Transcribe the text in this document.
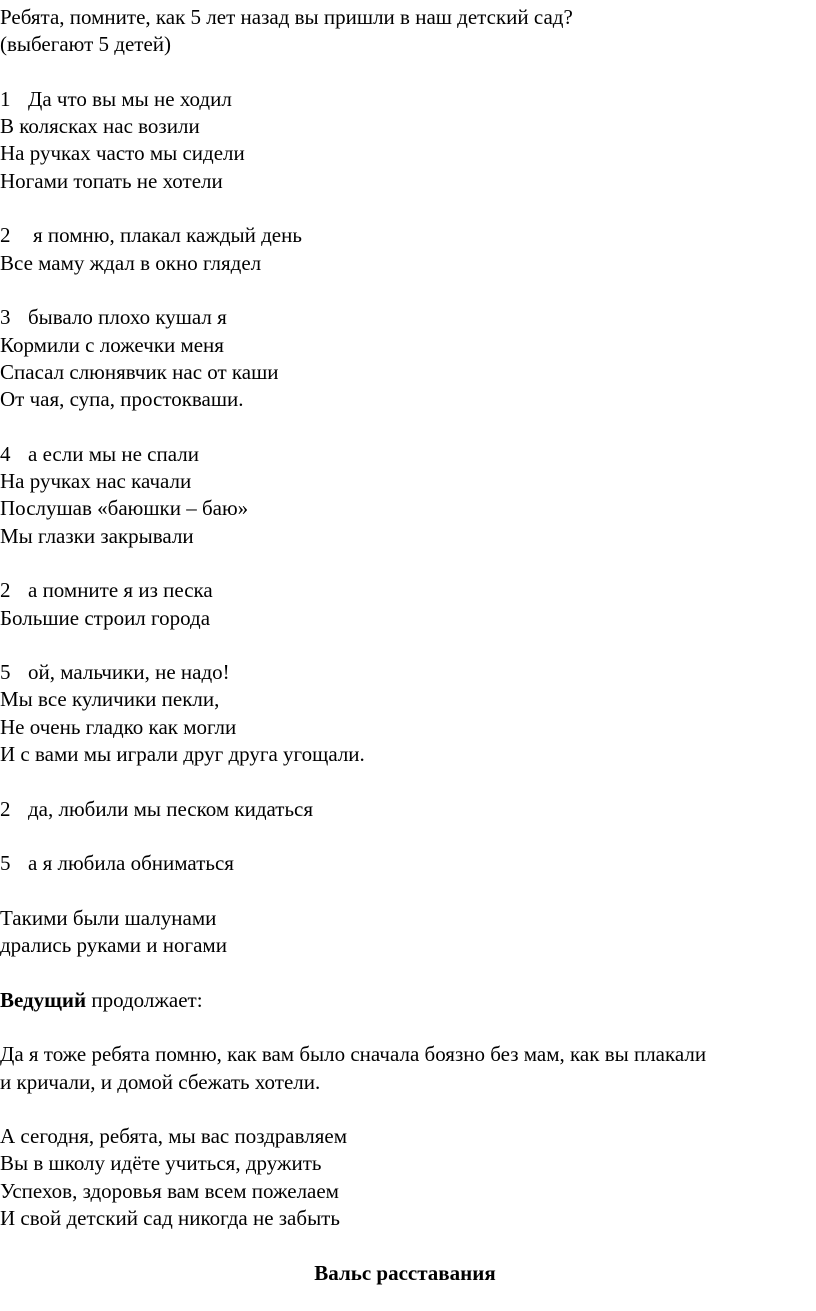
Ребята, помните, как 5 лет назад вы пришли в наш детский сад?
(выбегают 5 детей)
1 Да что вы мы не ходил
В колясках нас возили
На ручках часто мы сидели
Ногами топать не хотели
2 я помню, плакал каждый день
Все маму ждал в окно глядел
3 бывало плохо кушал я
Кормили с ложечки меня
Спасал слюнявчик нас от каши
От чая, супа, простокваши.
4 а если мы не спали
На ручках нас качали
Послушав «баюшки – баю»
Мы глазки закрывали
2 а помните я из песка
Большие строил города
5 ой, мальчики, не надо!
Мы все куличики пекли,
Не очень гладко как могли
И с вами мы играли друг друга угощали.
2 да, любили мы песком кидаться
5 а я любила обниматься
Такими были шалунами
дрались руками и ногами
Ведущий продолжает:
Да я тоже ребята помню, как вам было сначала боязно без мам, как вы плакали
и кричали, и домой сбежать хотели.
А сегодня, ребята, мы вас поздравляем
Вы в школу идёте учиться, дружить
Успехов, здоровья вам всем пожелаем
И свой детский сад никогда не забыть
Вальс расставания
